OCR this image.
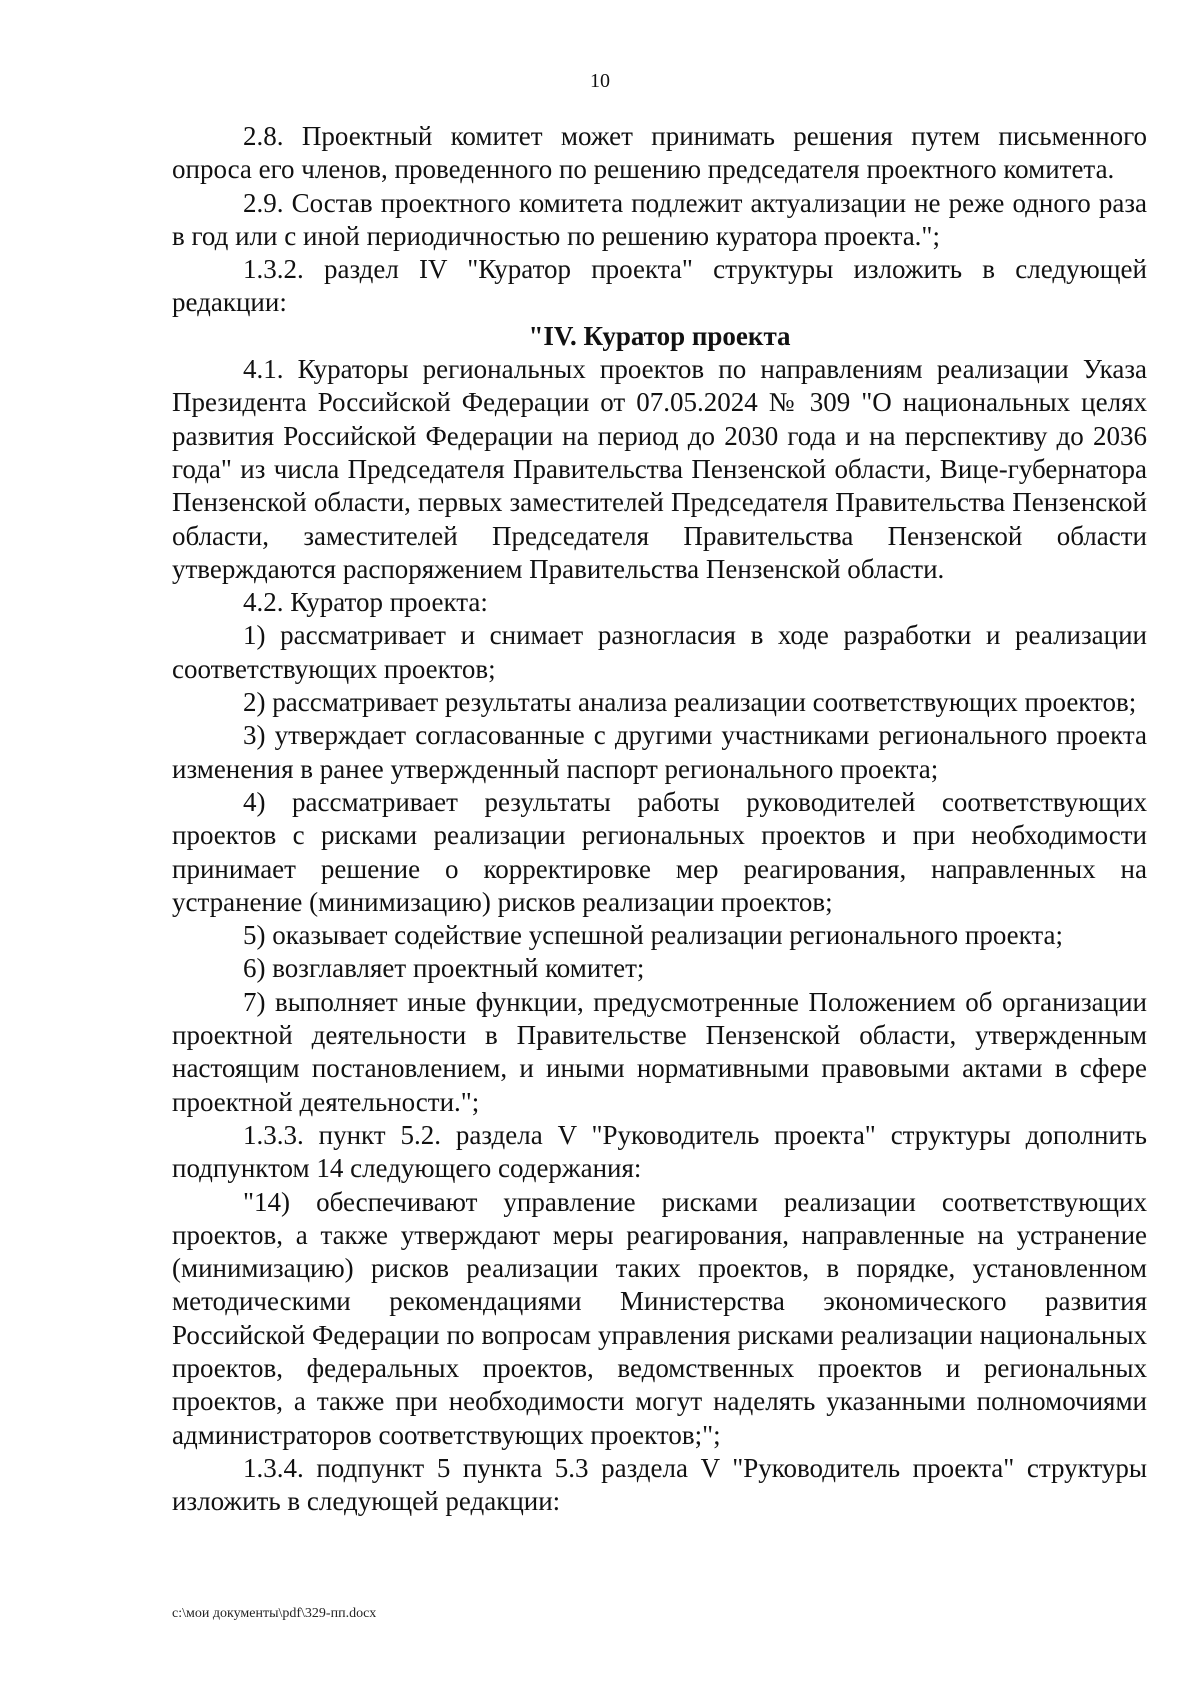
10

2.8. Проектный комитет может принимать решения путем письменного опроса его членов, проведенного по решению председателя проектного комитета.

2.9. Состав проектного комитета подлежит актуализации не реже одного раза в год или с иной периодичностью по решению куратора проекта.";

1.3.2. раздел IV "Куратор проекта" структуры изложить в следующей редакции:

"IV. Куратор проекта

4.1. Кураторы региональных проектов по направлениям реализации Указа Президента Российской Федерации от 07.05.2024 № 309 "О национальных целях развития Российской Федерации на период до 2030 года и на перспективу до 2036 года" из числа Председателя Правительства Пензенской области, Вице-губернатора Пензенской области, первых заместителей Председателя Правительства Пензенской области, заместителей Председателя Правительства Пензенской области утверждаются распоряжением Правительства Пензенской области.

4.2. Куратор проекта:

1) рассматривает и снимает разногласия в ходе разработки и реализации соответствующих проектов;

2) рассматривает результаты анализа реализации соответствующих проектов;

3) утверждает согласованные с другими участниками регионального проекта изменения в ранее утвержденный паспорт регионального проекта;

4) рассматривает результаты работы руководителей соответствующих проектов с рисками реализации региональных проектов и при необходимости принимает решение о корректировке мер реагирования, направленных на устранение (минимизацию) рисков реализации проектов;

5) оказывает содействие успешной реализации регионального проекта;

6) возглавляет проектный комитет;

7) выполняет иные функции, предусмотренные Положением об организации проектной деятельности в Правительстве Пензенской области, утвержденным настоящим постановлением, и иными нормативными правовыми актами в сфере проектной деятельности.";

1.3.3. пункт 5.2. раздела V "Руководитель проекта" структуры дополнить подпунктом 14 следующего содержания:

"14) обеспечивают управление рисками реализации соответствующих проектов, а также утверждают меры реагирования, направленные на устранение (минимизацию) рисков реализации таких проектов, в порядке, установленном методическими рекомендациями Министерства экономического развития Российской Федерации по вопросам управления рисками реализации национальных проектов, федеральных проектов, ведомственных проектов и региональных проектов, а также при необходимости могут наделять указанными полномочиями администраторов соответствующих проектов;";

1.3.4. подпункт 5 пункта 5.3 раздела V "Руководитель проекта" структуры изложить в следующей редакции:

c:\мои документы\pdf\329-пп.docx
